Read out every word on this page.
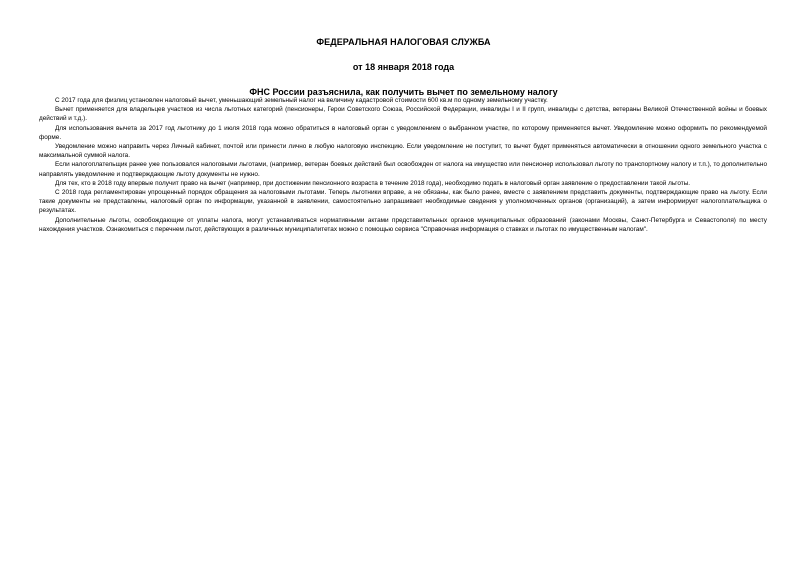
ФЕДЕРАЛЬНАЯ НАЛОГОВАЯ СЛУЖБА

от 18 января 2018 года

ФНС России разъяснила, как получить вычет по земельному налогу

С 2017 года для физлиц установлен налоговый вычет, уменьшающий земельный налог на величину кадастровой стоимости 600 кв.м по одному земельному участку.

Вычет применяется для владельцев участков из числа льготных категорий (пенсионеры, Герои Советского Союза, Российской Федерации, инвалиды I и II групп, инвалиды с детства, ветераны Великой Отечественной войны и боевых действий и т.д.).

Для использования вычета за 2017 год льготнику до 1 июля 2018 года можно обратиться в налоговый орган с уведомлением о выбранном участке, по которому применяется вычет. Уведомление можно оформить по рекомендуемой форме.

Уведомление можно направить через Личный кабинет, почтой или принести лично в любую налоговую инспекцию. Если уведомление не поступит, то вычет будет применяться автоматически в отношении одного земельного участка с максимальной суммой налога.

Если налогоплательщик ранее уже пользовался налоговыми льготами, (например, ветеран боевых действий был освобожден от налога на имущество или пенсионер использовал льготу по транспортному налогу и т.п.), то дополнительно направлять уведомление и подтверждающие льготу документы не нужно.

Для тех, кто в 2018 году впервые получит право на вычет (например, при достижении пенсионного возраста в течение 2018 года), необходимо подать в налоговый орган заявление о предоставлении такой льготы.

С 2018 года регламентирован упрощенный порядок обращения за налоговыми льготами. Теперь льготники вправе, а не обязаны, как было ранее, вместе с заявлением представить документы, подтверждающие право на льготу. Если такие документы не представлены, налоговый орган по информации, указанной в заявлении, самостоятельно запрашивает необходимые сведения у уполномоченных органов (организаций), а затем информирует налогоплательщика о результатах.

Дополнительные льготы, освобождающие от уплаты налога, могут устанавливаться нормативными актами представительных органов муниципальных образований (законами Москвы, Санкт-Петербурга и Севастополя) по месту нахождения участков. Ознакомиться с перечнем льгот, действующих в различных муниципалитетах можно с помощью сервиса "Справочная информация о ставках и льготах по имущественным налогам".
